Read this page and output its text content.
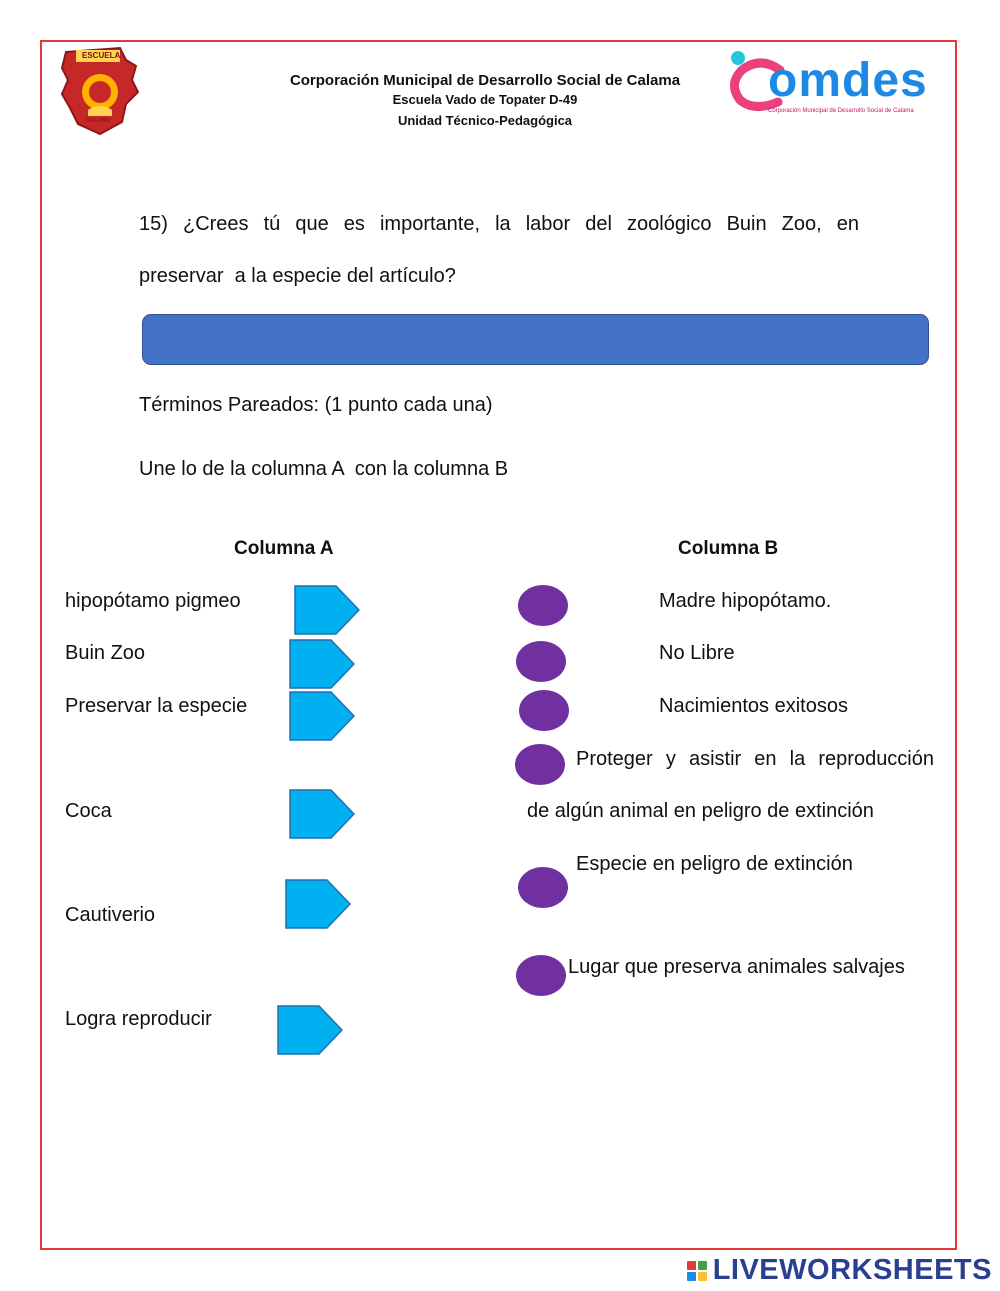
ESCUELA
CALAMA
Corporación Municipal de Desarrollo Social de Calama
Escuela Vado de Topater D-49
Unidad Técnico-Pedagógica
omdes
Corporación Municipal de Desarrollo Social de Calama
15) ¿Crees tú que es importante, la labor del zoológico Buin Zoo, en
preservar  a la especie del artículo?
Términos Pareados: (1 punto cada una)
Une lo de la columna A  con la columna B
Columna A	Columna B
hipopótamo pigmeo
Buin Zoo
Preservar la especie
Coca
Cautiverio
Logra reproducir
Madre hipopótamo.
No Libre
Nacimientos exitosos
Proteger y asistir en la reproducción
de algún animal en peligro de extinción
Especie en peligro de extinción
Lugar que preserva animales salvajes
LIVEWORKSHEETS
